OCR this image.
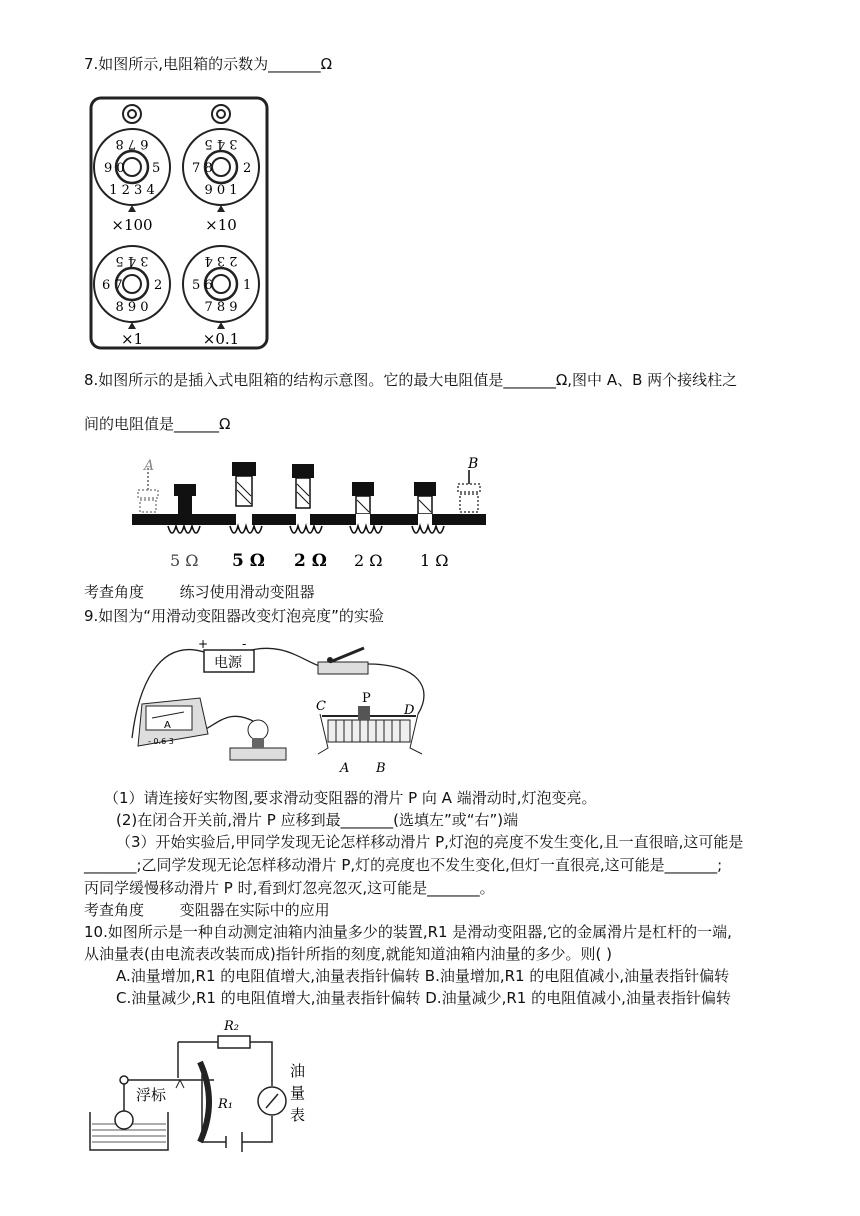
7.如图所示,电阻箱的示数为_______Ω
1 2 3 4
6 7 8
9 0 5
×100
9 0 1
3 4 5
7 8 2
×10
8 9 0
3 4 5
6 7 2
×1
7 8 9
2 3 4
5 6 1
×0.1
8.如图所示的是插入式电阻箱的结构示意图。它的最大电阻值是_______Ω,图中 A、B 两个接线柱之
间的电阻值是______Ω
A	B
5 Ω 5 Ω 2 Ω 2 Ω 1 Ω
考查角度 练习使用滑动变阻器
9.如图为“用滑动变阻器改变灯泡亮度”的实验
电源
+	-
A
- 0.6 3
C
P
D
A B
（1）请连接好实物图,要求滑动变阻器的滑片 P 向 A 端滑动时,灯泡变亮。
(2)在闭合开关前,滑片 P 应移到最_______(选填左”或“右”)端
（3）开始实验后,甲同学发现无论怎样移动滑片 P,灯泡的亮度不发生变化,且一直很暗,这可能是
_______;乙同学发现无论怎样移动滑片 P,灯的亮度也不发生变化,但灯一直很亮,这可能是_______;
丙同学缓慢移动滑片 P 时,看到灯忽亮忽灭,这可能是_______。
考查角度 变阻器在实际中的应用
10.如图所示是一种自动测定油箱内油量多少的装置,R1 是滑动变阻器,它的金属滑片是杠杆的一端,
从油量表(由电流表改装而成)指针所指的刻度,就能知道油箱内油量的多少。则( )
A.油量增加,R1 的电阻值增大,油量表指针偏转 B.油量增加,R1 的电阻值减小,油量表指针偏转
C.油量减少,R1 的电阻值增大,油量表指针偏转 D.油量减少,R1 的电阻值减小,油量表指针偏转
R₂
R₁
油
量
表
浮标
